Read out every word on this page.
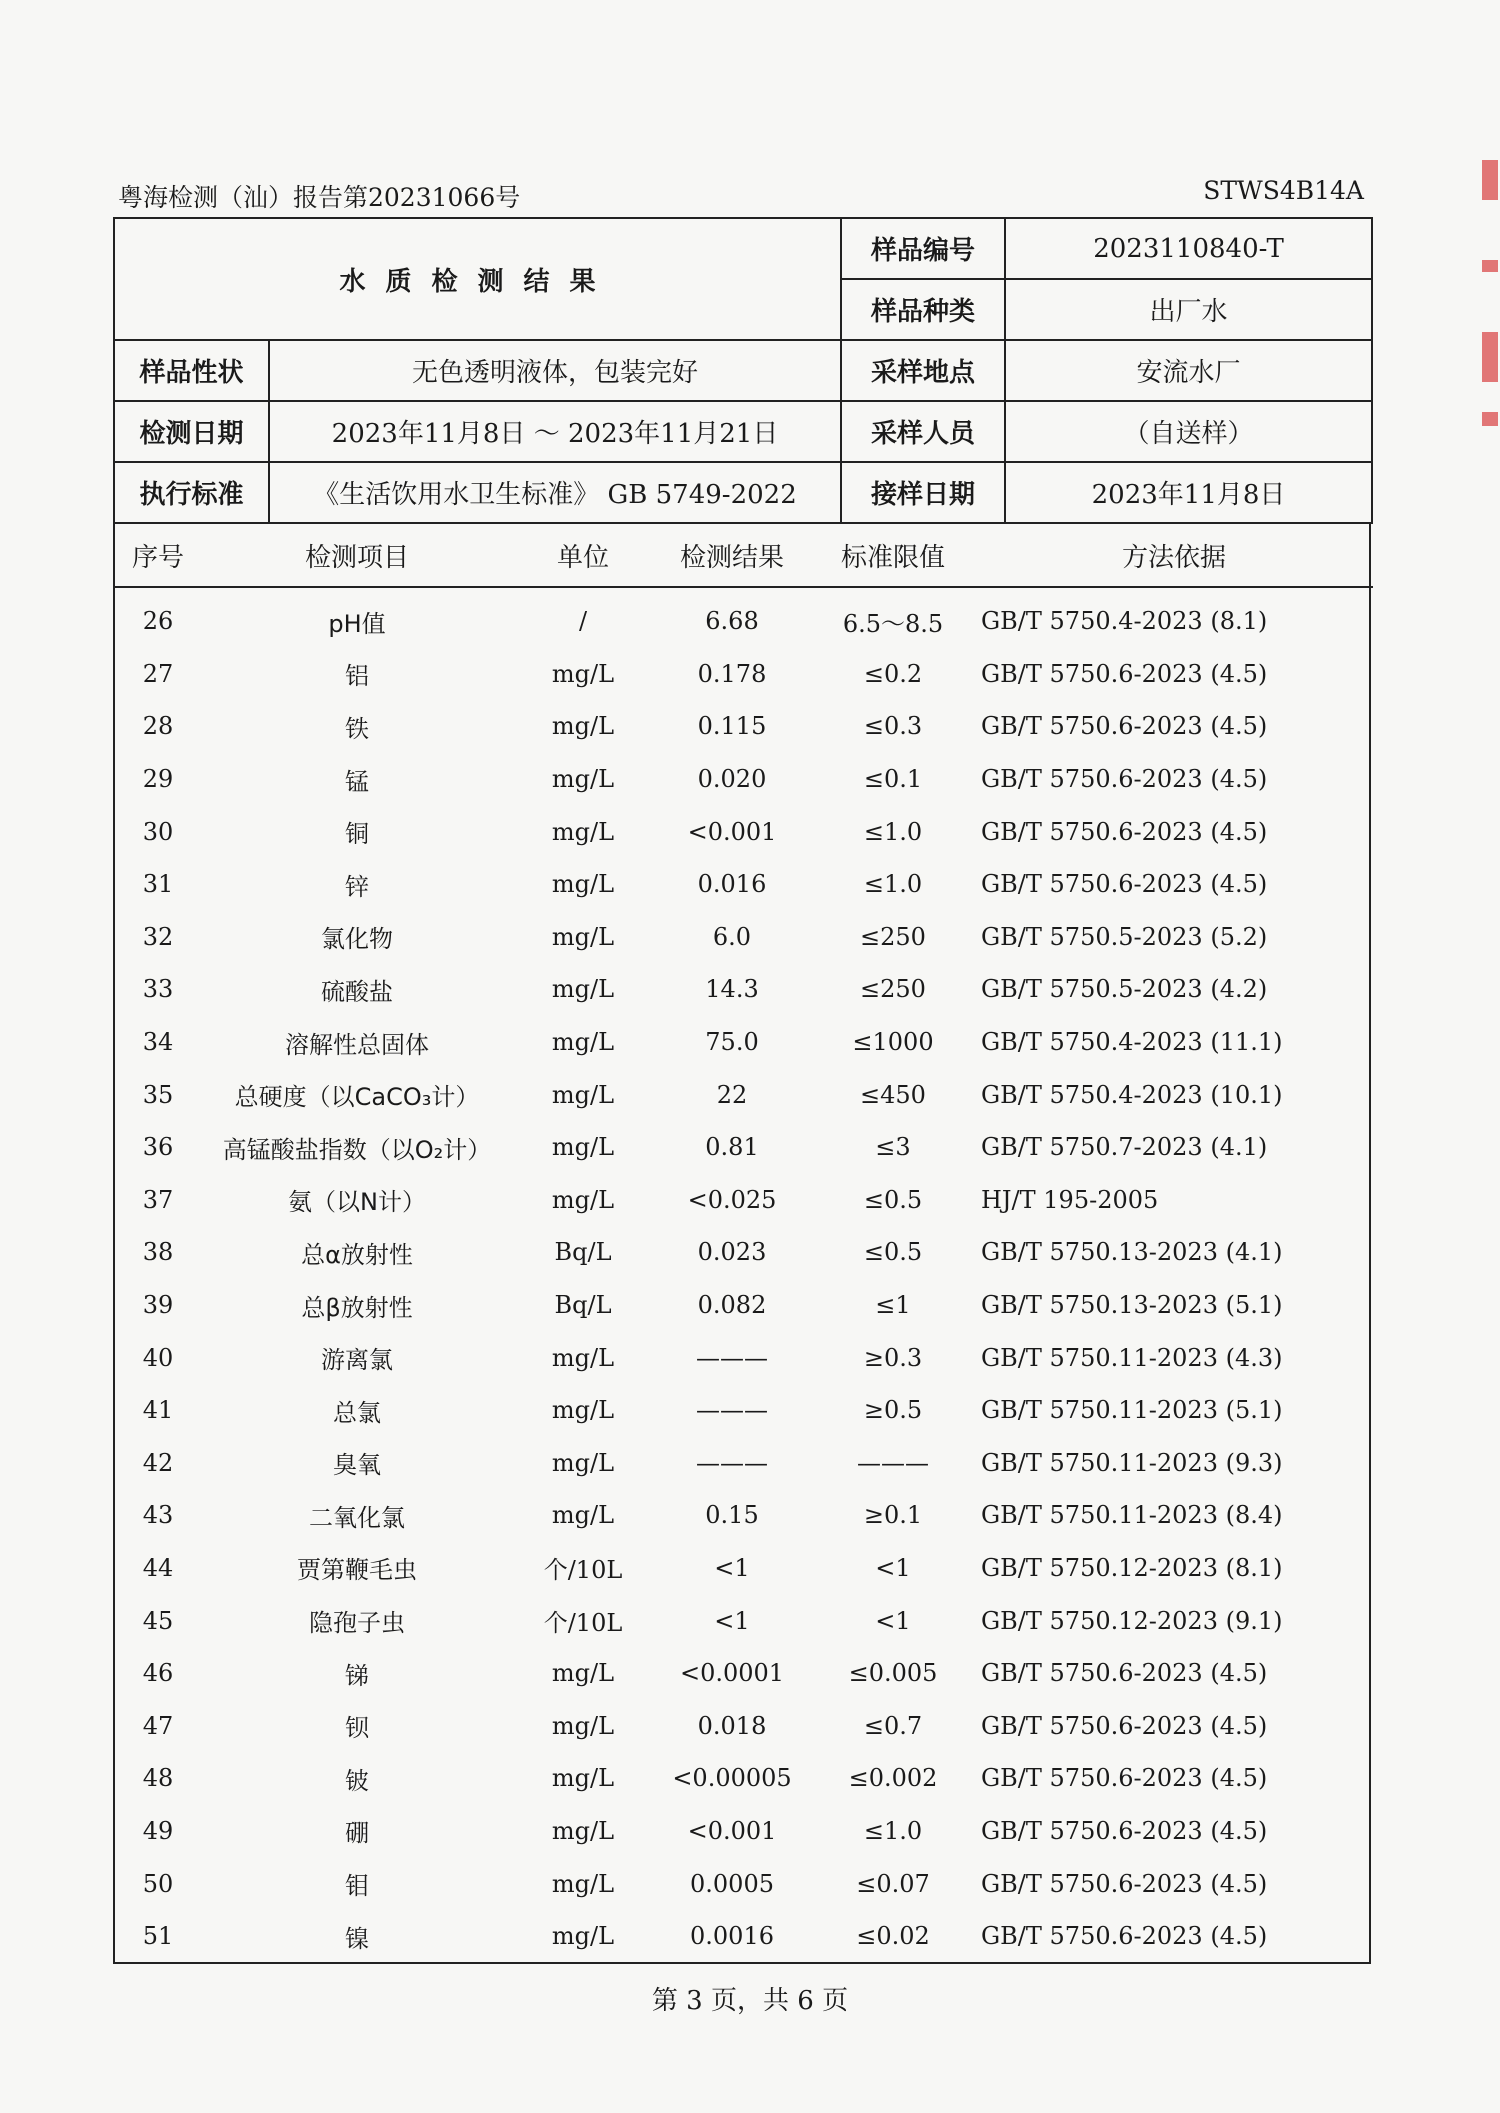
粤海检测（汕）报告第20231066号	STWS4B14A
水质检测结果		样品编号	2023110840-T
		样品种类	出厂水
样品性状	无色透明液体，包装完好	采样地点	安流水厂
检测日期	2023年11月8日 ～ 2023年11月21日	采样人员	（自送样）
执行标准	《生活饮用水卫生标准》 GB 5749-2022	接样日期	2023年11月8日
序号	检测项目	单位	检测结果	标准限值	方法依据
26	pH值	/	6.68	6.5～8.5	GB/T 5750.4-2023 (8.1)
27	铝	mg/L	0.178	≤0.2	GB/T 5750.6-2023 (4.5)
28	铁	mg/L	0.115	≤0.3	GB/T 5750.6-2023 (4.5)
29	锰	mg/L	0.020	≤0.1	GB/T 5750.6-2023 (4.5)
30	铜	mg/L	<0.001	≤1.0	GB/T 5750.6-2023 (4.5)
31	锌	mg/L	0.016	≤1.0	GB/T 5750.6-2023 (4.5)
32	氯化物	mg/L	6.0	≤250	GB/T 5750.5-2023 (5.2)
33	硫酸盐	mg/L	14.3	≤250	GB/T 5750.5-2023 (4.2)
34	溶解性总固体	mg/L	75.0	≤1000	GB/T 5750.4-2023 (11.1)
35	总硬度（以CaCO₃计）	mg/L	22	≤450	GB/T 5750.4-2023 (10.1)
36	高锰酸盐指数（以O₂计）	mg/L	0.81	≤3	GB/T 5750.7-2023 (4.1)
37	氨（以N计）	mg/L	<0.025	≤0.5	HJ/T 195-2005
38	总α放射性	Bq/L	0.023	≤0.5	GB/T 5750.13-2023 (4.1)
39	总β放射性	Bq/L	0.082	≤1	GB/T 5750.13-2023 (5.1)
40	游离氯	mg/L	———	≥0.3	GB/T 5750.11-2023 (4.3)
41	总氯	mg/L	———	≥0.5	GB/T 5750.11-2023 (5.1)
42	臭氧	mg/L	———	———	GB/T 5750.11-2023 (9.3)
43	二氧化氯	mg/L	0.15	≥0.1	GB/T 5750.11-2023 (8.4)
44	贾第鞭毛虫	个/10L	<1	<1	GB/T 5750.12-2023 (8.1)
45	隐孢子虫	个/10L	<1	<1	GB/T 5750.12-2023 (9.1)
46	锑	mg/L	<0.0001	≤0.005	GB/T 5750.6-2023 (4.5)
47	钡	mg/L	0.018	≤0.7	GB/T 5750.6-2023 (4.5)
48	铍	mg/L	<0.00005	≤0.002	GB/T 5750.6-2023 (4.5)
49	硼	mg/L	<0.001	≤1.0	GB/T 5750.6-2023 (4.5)
50	钼	mg/L	0.0005	≤0.07	GB/T 5750.6-2023 (4.5)
51	镍	mg/L	0.0016	≤0.02	GB/T 5750.6-2023 (4.5)
第 3 页，共 6 页
